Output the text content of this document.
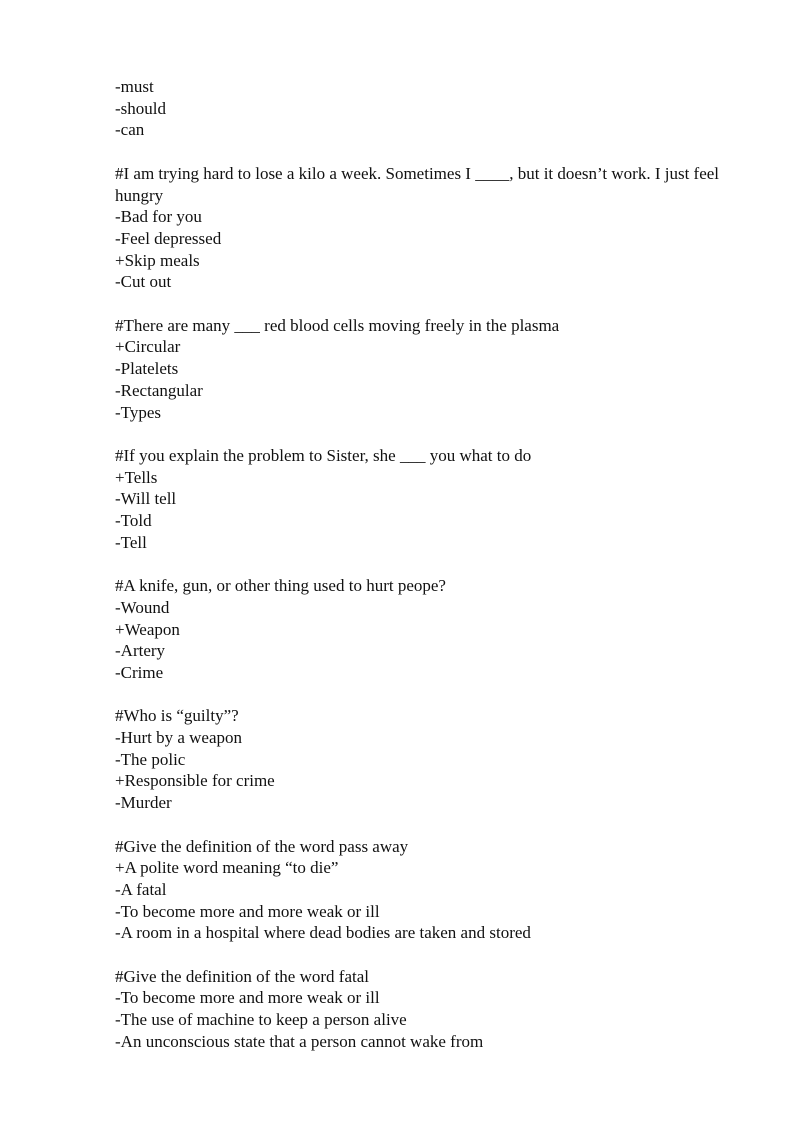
-must

-should

-can

#I am trying hard to lose a kilo a week. Sometimes I ____, but it doesn’t work. I just feel hungry

-Bad for you

-Feel depressed

+Skip meals

-Cut out

#There are many ___ red blood cells moving freely in the plasma

+Circular

-Platelets

-Rectangular

-Types

#If you explain the problem to Sister, she ___ you what to do

+Tells

-Will tell

-Told

-Tell

#A knife, gun, or other thing used to hurt peope?

-Wound

+Weapon

-Artery

-Crime

#Who is “guilty”?

-Hurt by a weapon

-The polic

+Responsible for crime

-Murder

#Give the definition of the word pass away

+A polite word meaning “to die”

-A fatal

-To become more and more weak or ill

-A room in a hospital where dead bodies are taken and stored

#Give the definition of the word fatal

-To become more and more weak or ill

-The use of machine to keep a person alive

-An unconscious state that a person cannot wake from
